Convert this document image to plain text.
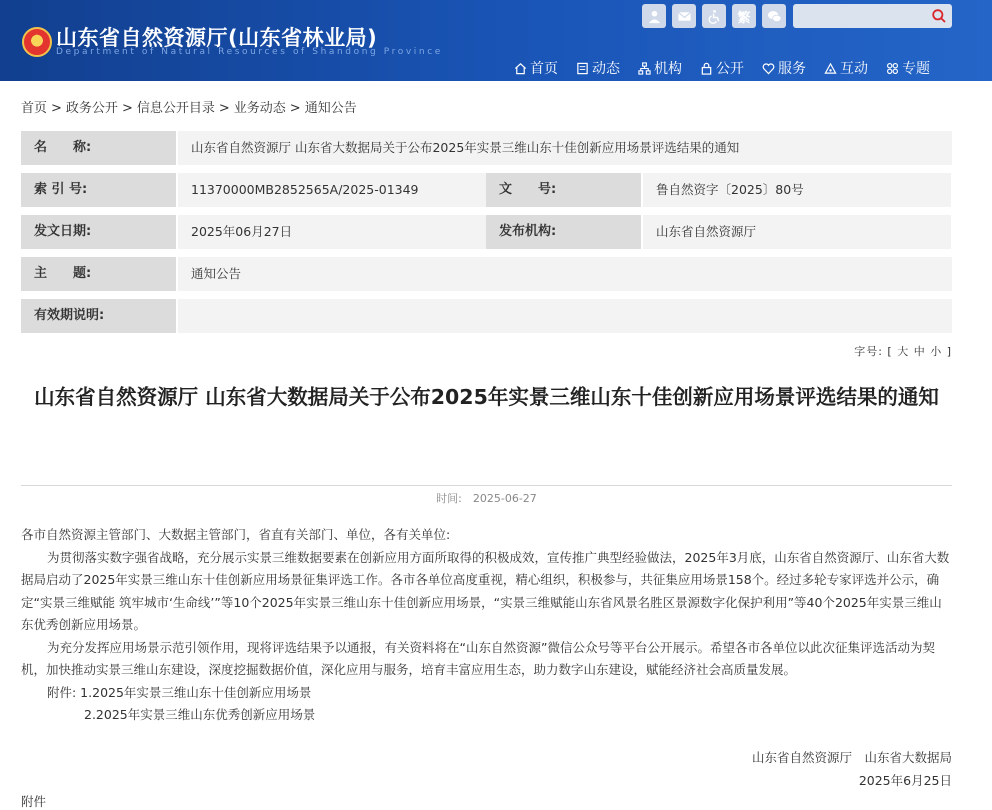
★
山东省自然资源厅(山东省林业局)
Department of Natural Resources of Shandong Province
繁
首页 动态 机构 公开 服务 互动 专题
首页 > 政务公开 > 信息公开目录 > 业务动态 > 通知公告
名　　称:	山东省自然资源厅 山东省大数据局关于公布2025年实景三维山东十佳创新应用场景评选结果的通知
索 引 号:	11370000MB2852565A/2025-01349	文　　号:	鲁自然资字〔2025〕80号
发文日期:	2025年06月27日	发布机构:	山东省自然资源厅
主　　题:	通知公告
有效期说明:
字号: [ 大 中 小 ]
山东省自然资源厅 山东省大数据局关于公布2025年实景三维山东十佳创新应用场景评选结果的通知
时间:　2025-06-27

各市自然资源主管部门、大数据主管部门，省直有关部门、单位，各有关单位:

为贯彻落实数字强省战略，充分展示实景三维数据要素在创新应用方面所取得的积极成效，宣传推广典型经验做法，2025年3月底，山东省自然资源厅、山东省大数据局启动了2025年实景三维山东十佳创新应用场景征集评选工作。各市各单位高度重视，精心组织，积极参与，共征集应用场景158个。经过多轮专家评选并公示，确定“实景三维赋能 筑牢城市‘生命线’”等10个2025年实景三维山东十佳创新应用场景，“实景三维赋能山东省风景名胜区景源数字化保护利用”等40个2025年实景三维山东优秀创新应用场景。

为充分发挥应用场景示范引领作用，现将评选结果予以通报，有关资料将在“山东自然资源”微信公众号等平台公开展示。希望各市各单位以此次征集评选活动为契机，加快推动实景三维山东建设，深度挖掘数据价值，深化应用与服务，培育丰富应用生态，助力数字山东建设，赋能经济社会高质量发展。

附件: 1.2025年实景三维山东十佳创新应用场景

2.2025年实景三维山东优秀创新应用场景

山东省自然资源厅　山东省大数据局
2025年6月25日
附件
